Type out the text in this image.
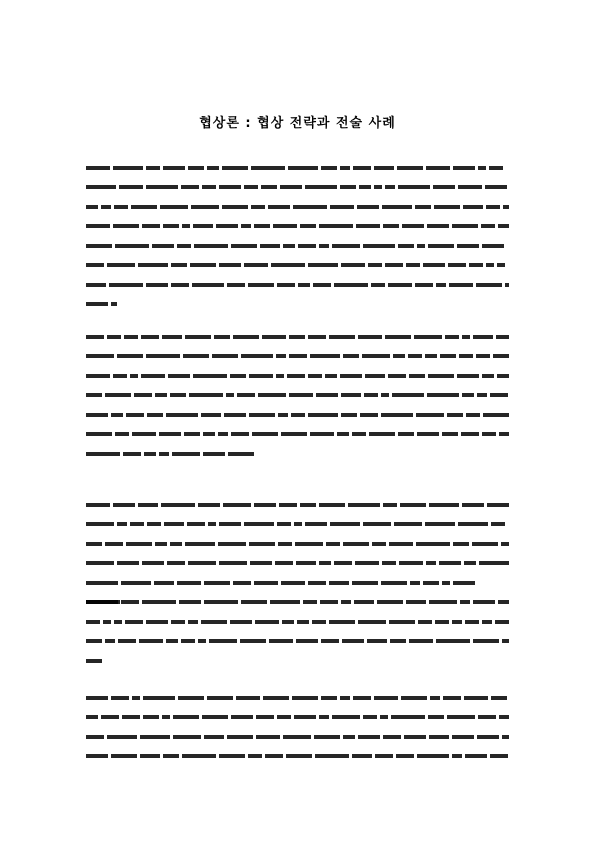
협상론 : 협상 전략과 전술 사례
